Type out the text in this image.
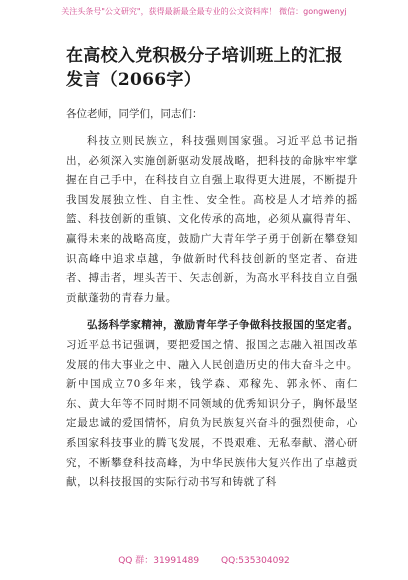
关注头条号"公文研究"，获得最新最全最专业的公文资料库！ 微信：gongwenyj
在高校入党积极分子培训班上的汇报发言（2066字）
各位老师，同学们，同志们：

科技立则民族立，科技强则国家强。习近平总书记指出，必须深入实施创新驱动发展战略，把科技的命脉牢牢掌握在自己手中，在科技自立自强上取得更大进展，不断提升我国发展独立性、自主性、安全性。高校是人才培养的摇篮、科技创新的重镇、文化传承的高地，必须从赢得青年、赢得未来的战略高度，鼓励广大青年学子勇于创新在攀登知识高峰中追求卓越，争做新时代科技创新的坚定者、奋进者、搏击者，埋头苦干、矢志创新，为高水平科技自立自强贡献蓬勃的青春力量。

弘扬科学家精神，激励青年学子争做科技报国的坚定者。习近平总书记强调，要把爱国之情、报国之志融入祖国改革发展的伟大事业之中、融入人民创造历史的伟大奋斗之中。新中国成立70多年来，钱学森、邓稼先、郭永怀、南仁东、黄大年等不同时期不同领域的优秀知识分子，胸怀最坚定最忠诚的爱国情怀，肩负为民族复兴奋斗的强烈使命，心系国家科技事业的腾飞发展，不畏艰难、无私奉献、潜心研究，不断攀登科技高峰，为中华民族伟大复兴作出了卓越贡献，以科技报国的实际行动书写和铸就了科

QQ 群：31991489 QQ:535304092
